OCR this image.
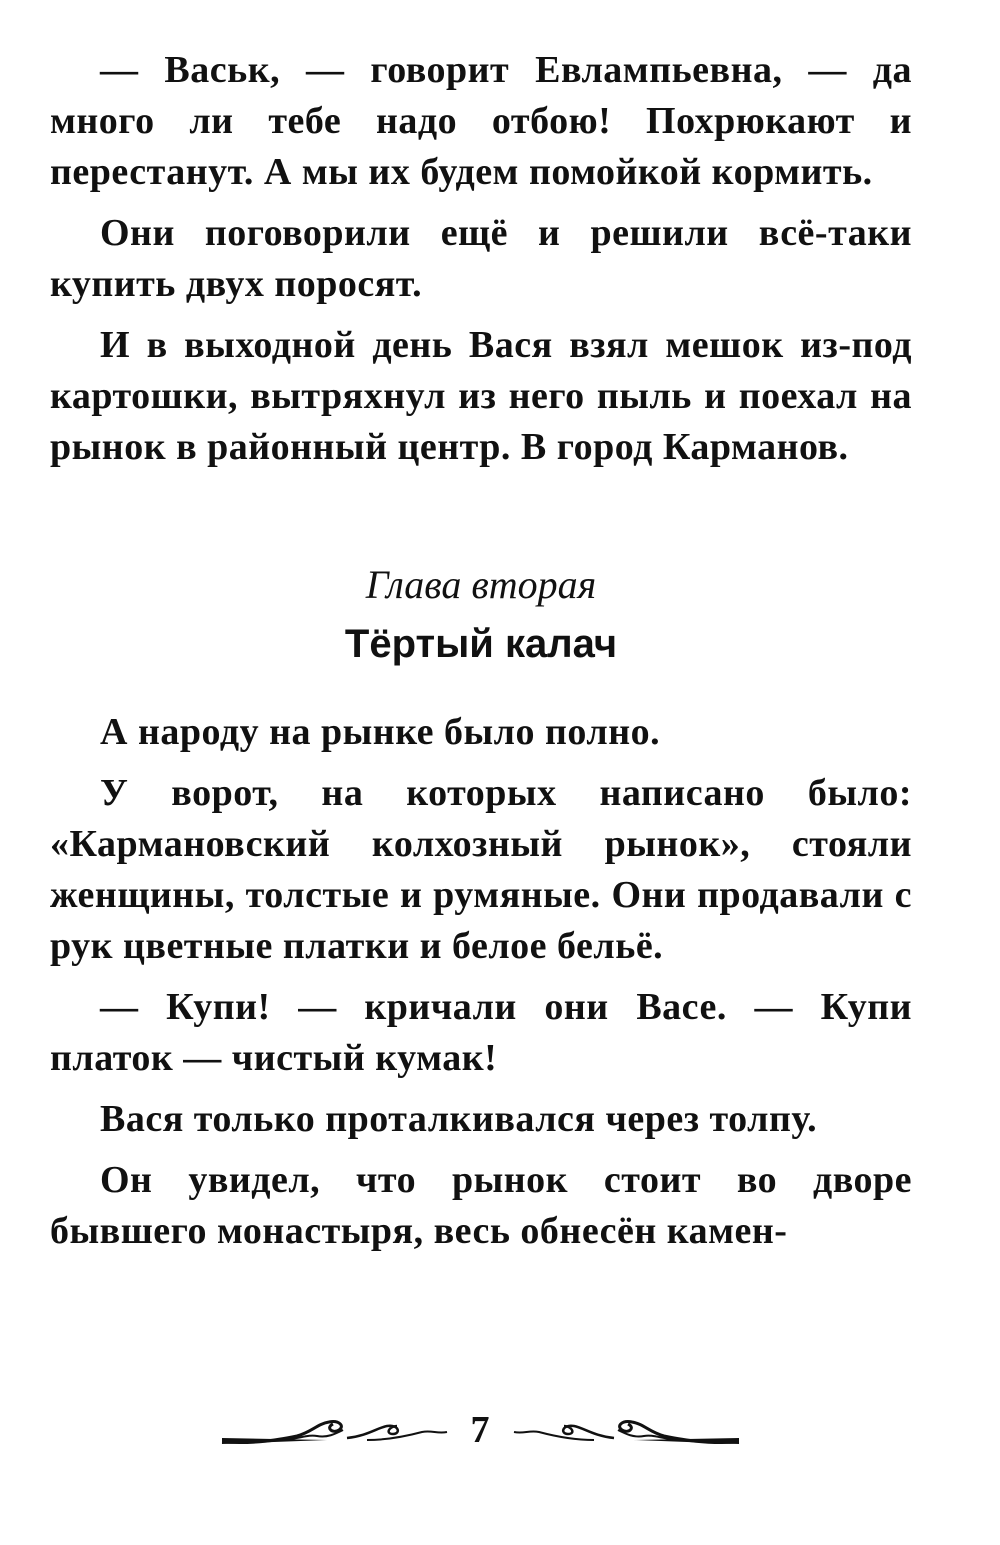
— Васьк, — говорит Евлампьевна, — да много ли тебе надо отбою! Похрюкают и перестанут. А мы их будем помойкой кормить.

Они поговорили ещё и решили всё-таки купить двух поросят.

И в выходной день Вася взял мешок из-под картошки, вытряхнул из него пыль и поехал на рынок в районный центр. В город Карманов.

Глава вторая
Тёртый калач

А народу на рынке было полно.

У ворот, на которых написано было: «Кармановский колхозный рынок», стояли женщины, толстые и румяные. Они продавали с рук цветные платки и белое бельё.

— Купи! — кричали они Васе. — Купи платок — чистый кумак!

Вася только проталкивался через толпу.

Он увидел, что рынок стоит во дворе бывшего монастыря, весь обнесён камен-

7
